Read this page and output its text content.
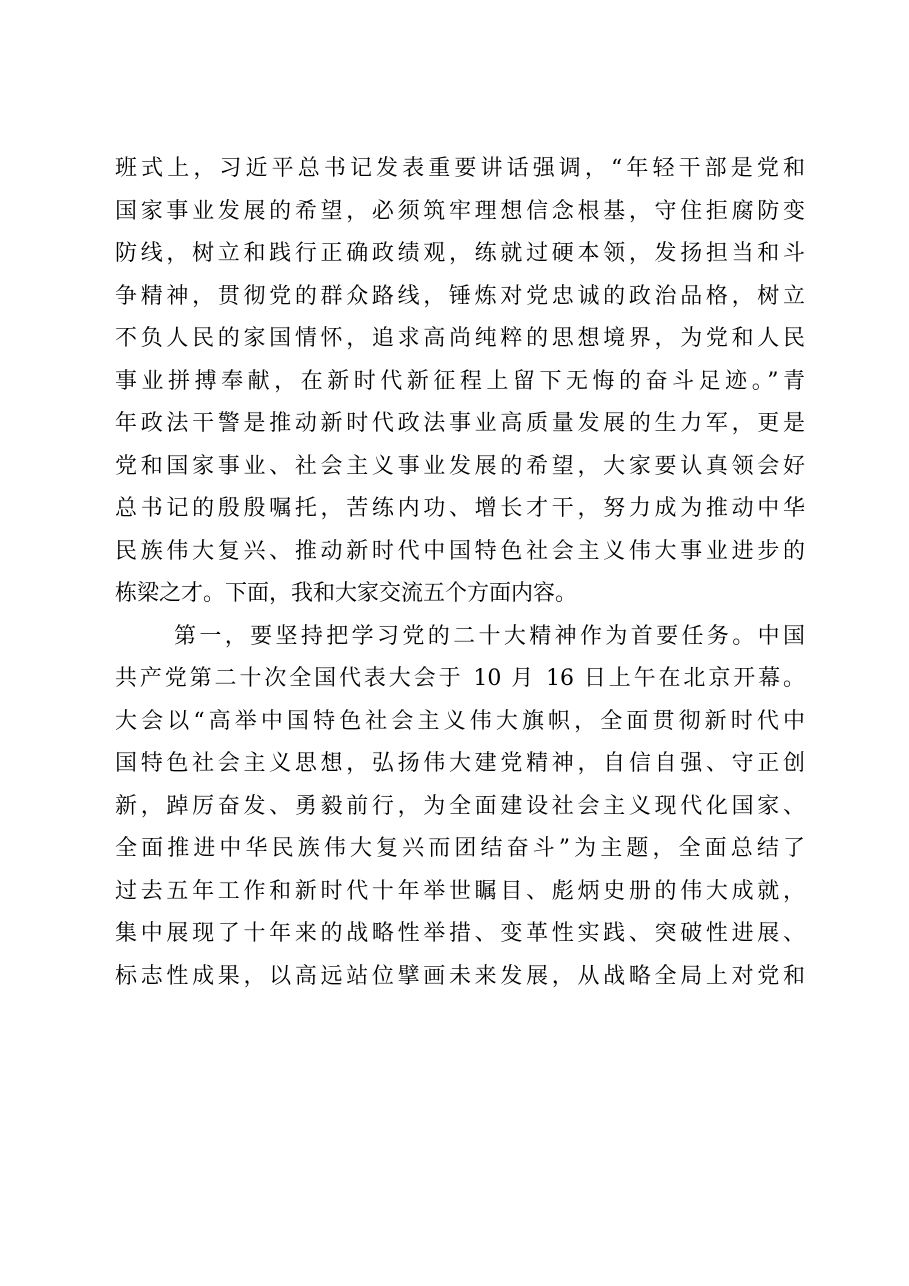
班式上，习近平总书记发表重要讲话强调，“年轻干部是党和
国家事业发展的希望，必须筑牢理想信念根基，守住拒腐防变
防线，树立和践行正确政绩观，练就过硬本领，发扬担当和斗
争精神，贯彻党的群众路线，锤炼对党忠诚的政治品格，树立
不负人民的家国情怀，追求高尚纯粹的思想境界，为党和人民
事业拼搏奉献，在新时代新征程上留下无悔的奋斗足迹。”青
年政法干警是推动新时代政法事业高质量发展的生力军，更是
党和国家事业、社会主义事业发展的希望，大家要认真领会好
总书记的殷殷嘱托，苦练内功、增长才干，努力成为推动中华
民族伟大复兴、推动新时代中国特色社会主义伟大事业进步的
栋梁之才。下面，我和大家交流五个方面内容。
第一，要坚持把学习党的二十大精神作为首要任务。中国
共产党第二十次全国代表大会于 10 月 16 日上午在北京开幕。
大会以“高举中国特色社会主义伟大旗帜，全面贯彻新时代中
国特色社会主义思想，弘扬伟大建党精神，自信自强、守正创
新，踔厉奋发、勇毅前行，为全面建设社会主义现代化国家、
全面推进中华民族伟大复兴而团结奋斗”为主题，全面总结了
过去五年工作和新时代十年举世瞩目、彪炳史册的伟大成就，
集中展现了十年来的战略性举措、变革性实践、突破性进展、
标志性成果，以高远站位擘画未来发展，从战略全局上对党和
